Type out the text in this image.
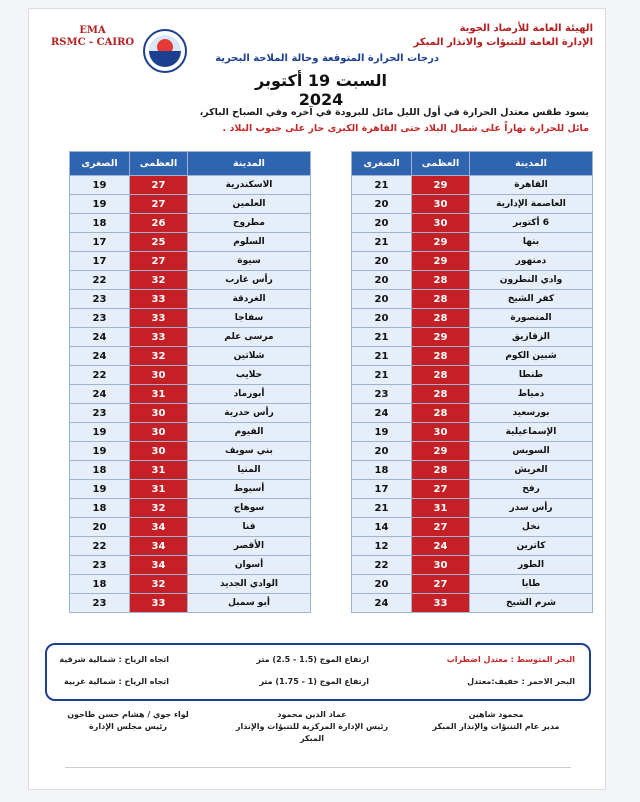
EMA
RSMC - CAIRO
الهيئة العامة للأرصاد الجوية
الإدارة العامة للتنبؤات والانذار المبكر
درجات الحرارة المتوقعة وحالة الملاحة البحرية
السبت 19 أكتوبر 2024
يسود طقس معتدل الحرارة في أول الليل مائل للبرودة في آخره وفي الصباح الباكر،
مائل للحرارة نهاراً على شمال البلاد حتى القاهرة الكبرى حار على جنوب البلاد .
المدينة	العظمى	الصغرى
القاهرة	29	21
العاصمة الإدارية	30	20
6 أكتوبر	30	20
بنها	29	21
دمنهور	29	20
وادي النطرون	28	20
كفر الشيخ	28	20
المنصورة	28	20
الزقازيق	29	21
شبين الكوم	28	21
طنطا	28	21
دمياط	28	23
بورسعيد	28	24
الإسماعيلية	30	19
السويس	29	20
العريش	28	18
رفح	27	17
رأس سدر	31	21
نخل	27	14
كاترين	24	12
الطور	30	22
طابا	27	20
شرم الشيخ	33	24
المدينة	العظمى	الصغرى
الاسكندرية	27	19
العلمين	27	19
مطروح	26	18
السلوم	25	17
سيوة	27	17
رأس غارب	32	22
الغردقة	33	23
سفاجا	33	23
مرسى علم	33	24
شلاتين	32	24
حلايب	30	22
أبورماد	31	24
رأس حدربة	30	23
الفيوم	30	19
بني سويف	30	19
المنيا	31	18
أسيوط	31	19
سوهاج	32	18
قنا	34	20
الأقصر	34	22
أسوان	34	23
الوادي الجديد	32	18
أبو سمبل	33	23
البحر المتوسط : معتدل اضطراب
ارتفاع الموج (1.5 - 2.5) متر
اتجاه الرياح : شمالية شرقية
البحر الاحمر : خفيف:معتدل
ارتفاع الموج (1 - 1.75) متر
اتجاه الرياح : شمالية غربية
محمود شاهين
مدير عام التنبؤات والإنذار المبكر
عماد الدين محمود
رئيس الإدارة المركزية للتنبؤات والإنذار المبكر
لواء جوي / هشام حسن طاحون
رئيس مجلس الإدارة
